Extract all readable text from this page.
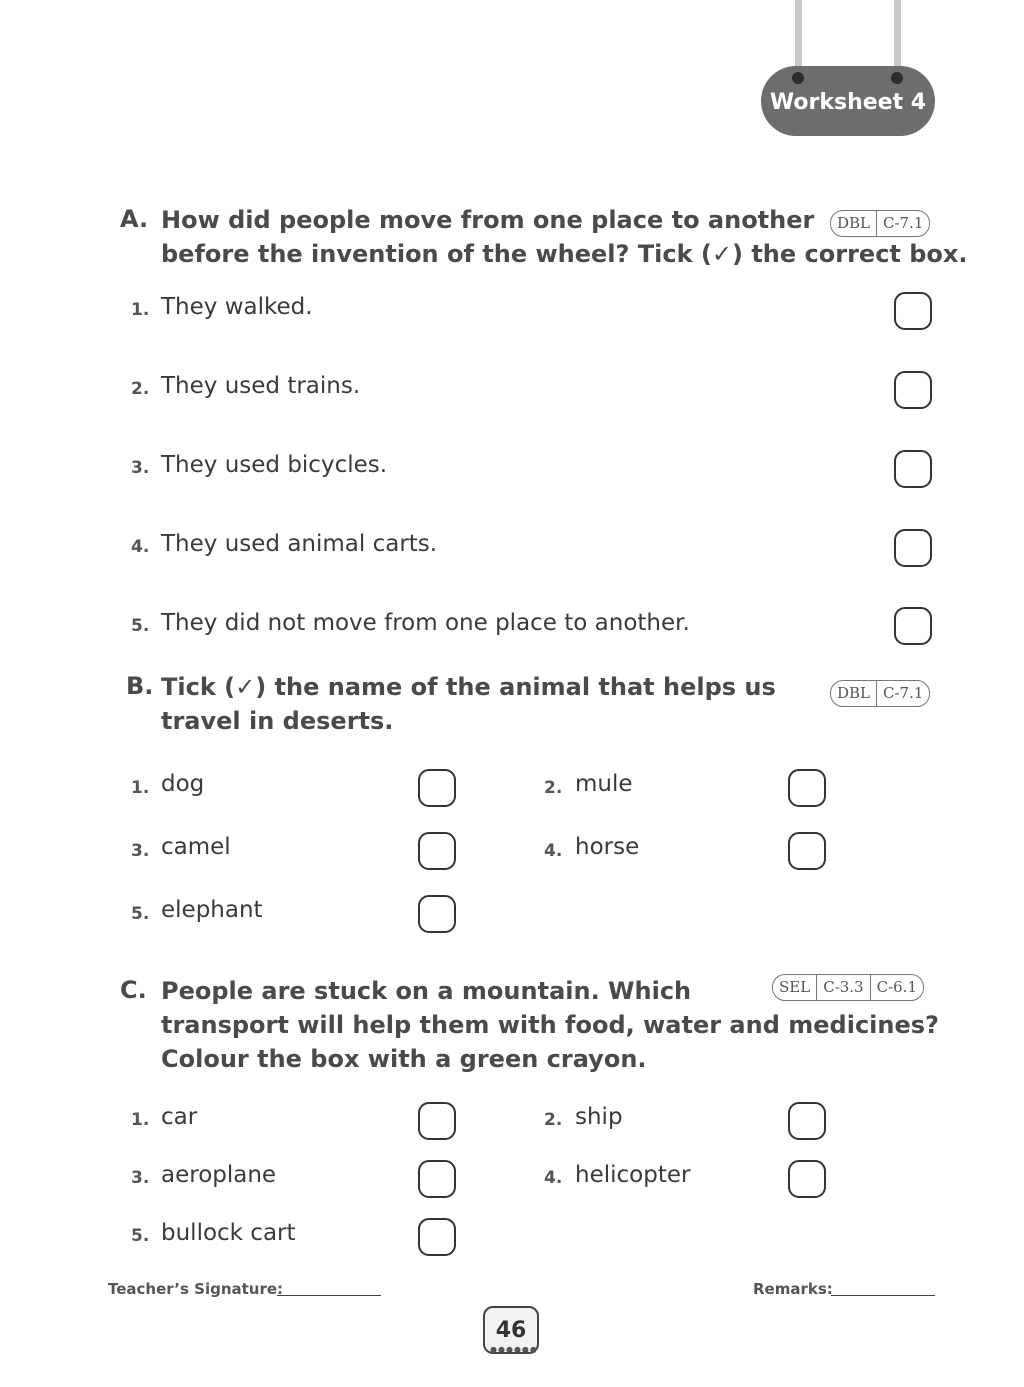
Worksheet 4
A. How did people move from one place to another
before the invention of the wheel? Tick (✓) the correct box.
DBL C-7.1
1. They walked.
2. They used trains.
3. They used bicycles.
4. They used animal carts.
5. They did not move from one place to another.
B. Tick (✓) the name of the animal that helps us
travel in deserts.
DBL C-7.1
1. dog	2. mule
3. camel	4. horse
5. elephant
C. People are stuck on a mountain. Which
transport will help them with food, water and medicines?
Colour the box with a green crayon.
SEL C-3.3 C-6.1
1. car	2. ship
3. aeroplane	4. helicopter
5. bullock cart
Teacher’s Signature:	Remarks:
46
●●●●●●
